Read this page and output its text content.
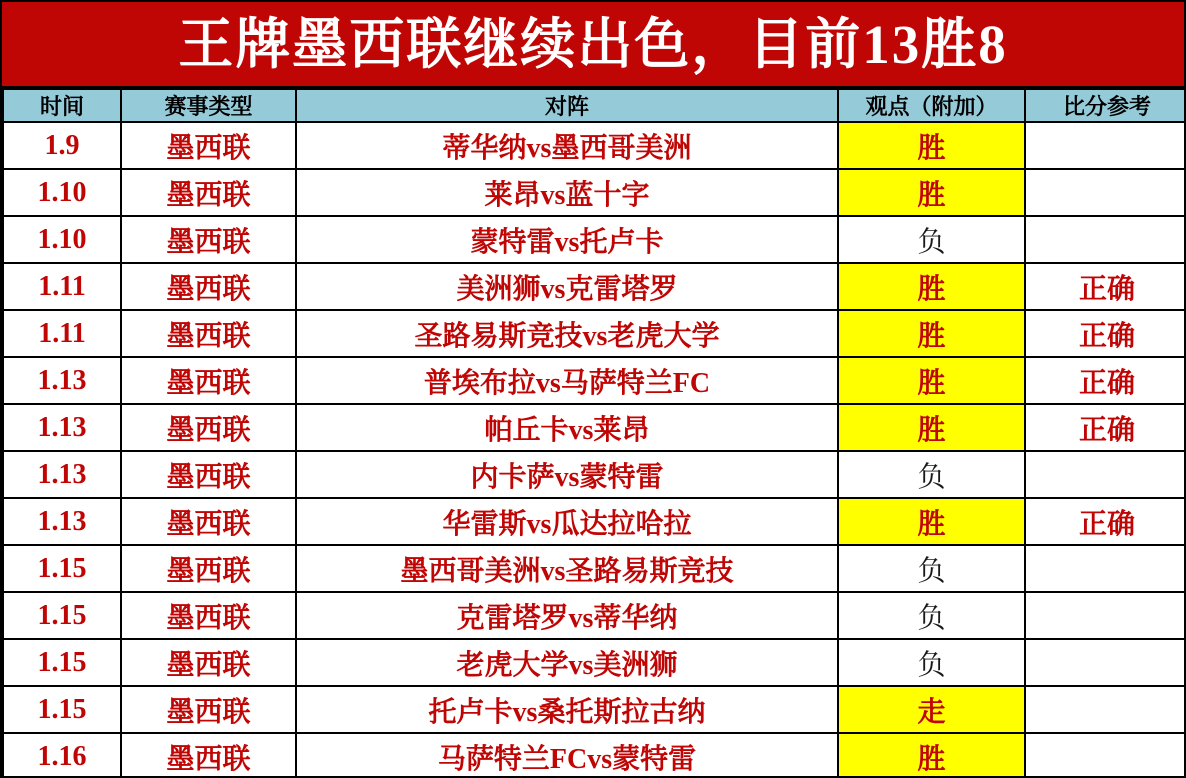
王牌墨西联继续出色，目前13胜8
时间	赛事类型	对阵	观点（附加）	比分参考
1.9	墨西联	蒂华纳vs墨西哥美洲	胜	
1.10	墨西联	莱昂vs蓝十字	胜	
1.10	墨西联	蒙特雷vs托卢卡	负	
1.11	墨西联	美洲狮vs克雷塔罗	胜	正确
1.11	墨西联	圣路易斯竞技vs老虎大学	胜	正确
1.13	墨西联	普埃布拉vs马萨特兰FC	胜	正确
1.13	墨西联	帕丘卡vs莱昂	胜	正确
1.13	墨西联	内卡萨vs蒙特雷	负	
1.13	墨西联	华雷斯vs瓜达拉哈拉	胜	正确
1.15	墨西联	墨西哥美洲vs圣路易斯竞技	负	
1.15	墨西联	克雷塔罗vs蒂华纳	负	
1.15	墨西联	老虎大学vs美洲狮	负	
1.15	墨西联	托卢卡vs桑托斯拉古纳	走	
1.16	墨西联	马萨特兰FCvs蒙特雷	胜	
